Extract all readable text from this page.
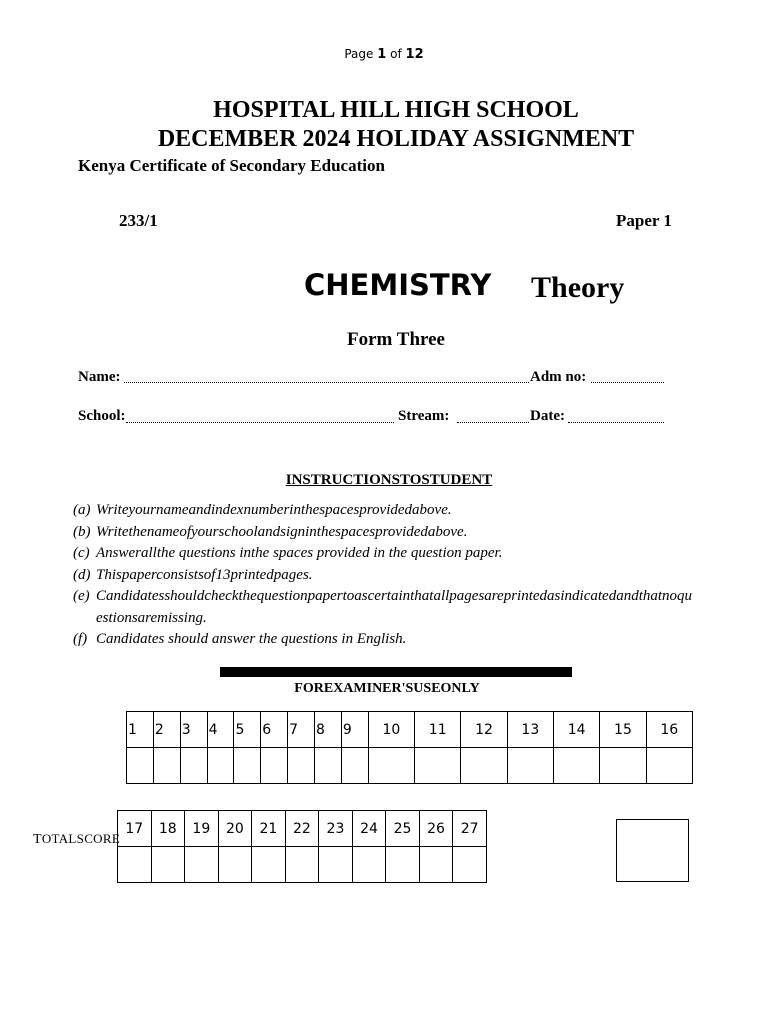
Page 1 of 12
HOSPITAL HILL HIGH SCHOOL
DECEMBER 2024 HOLIDAY ASSIGNMENT
Kenya Certificate of Secondary Education
233/1	Paper 1
CHEMISTRY Theory
Form Three
Name:	Adm no:
School:	Stream:	Date:
INSTRUCTIONSTOSTUDENT
(a) Writeyournameandindexnumberinthespacesprovidedabove.
(b) Writethenameofyourschoolandsigninthespacesprovidedabove.
(c) Answerallthe questions inthe spaces provided in the question paper.
(d) Thispaperconsistsof13printedpages.
(e) Candidatesshouldcheckthequestionpapertoascertainthatallpagesareprintedasindicatedandthatnoquestionsaremissing.
(f) Candidates should answer the questions in English.
FOREXAMINER'SUSEONLY
1	2	3	4	5	6	7	8	9	10	11	12	13	14	15	16

TOTALSCORE
17	18	19	20	21	22	23	24	25	26	27
